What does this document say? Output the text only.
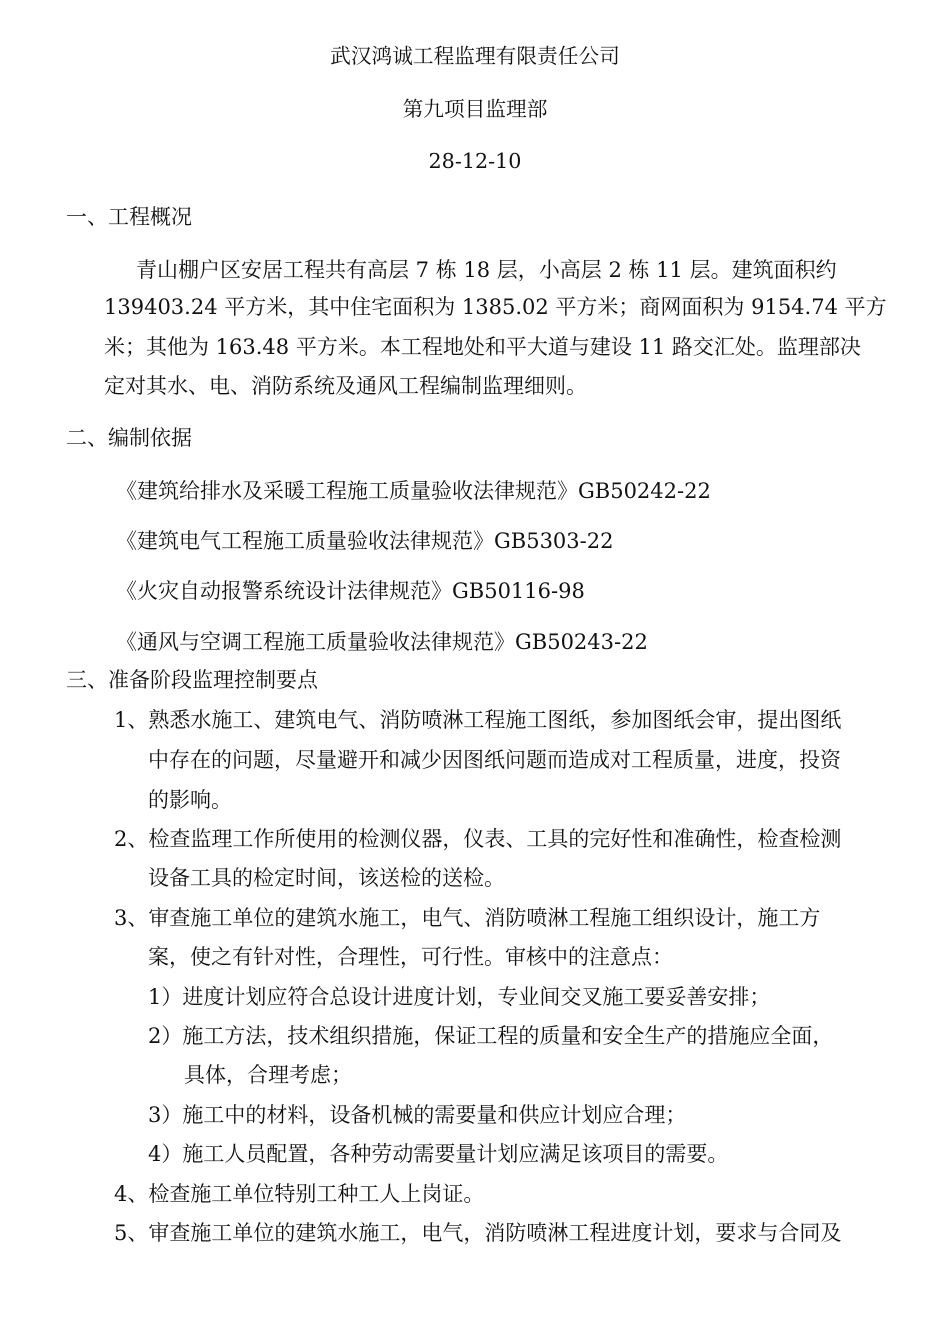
武汉鸿诚工程监理有限责任公司
第九项目监理部
28-12-10
一、工程概况
青山棚户区安居工程共有高层 7 栋 18 层，小高层 2 栋 11 层。建筑面积约
139403.24 平方米，其中住宅面积为 1385.02 平方米；商网面积为 9154.74 平方
米；其他为 163.48 平方米。本工程地处和平大道与建设 11 路交汇处。监理部决
定对其水、电、消防系统及通风工程编制监理细则。
二、编制依据
《建筑给排水及采暖工程施工质量验收法律规范》GB50242-22
《建筑电气工程施工质量验收法律规范》GB5303-22
《火灾自动报警系统设计法律规范》GB50116-98
《通风与空调工程施工质量验收法律规范》GB50243-22
三、准备阶段监理控制要点
1、熟悉水施工、建筑电气、消防喷淋工程施工图纸，参加图纸会审，提出图纸
中存在的问题，尽量避开和减少因图纸问题而造成对工程质量，进度，投资
的影响。
2、检查监理工作所使用的检测仪器，仪表、工具的完好性和准确性，检查检测
设备工具的检定时间，该送检的送检。
3、审查施工单位的建筑水施工，电气、消防喷淋工程施工组织设计，施工方
案，使之有针对性，合理性，可行性。审核中的注意点：
1）进度计划应符合总设计进度计划，专业间交叉施工要妥善安排；
2）施工方法，技术组织措施，保证工程的质量和安全生产的措施应全面，
具体，合理考虑；
3）施工中的材料，设备机械的需要量和供应计划应合理；
4）施工人员配置，各种劳动需要量计划应满足该项目的需要。
4、检查施工单位特别工种工人上岗证。
5、审查施工单位的建筑水施工，电气，消防喷淋工程进度计划，要求与合同及
